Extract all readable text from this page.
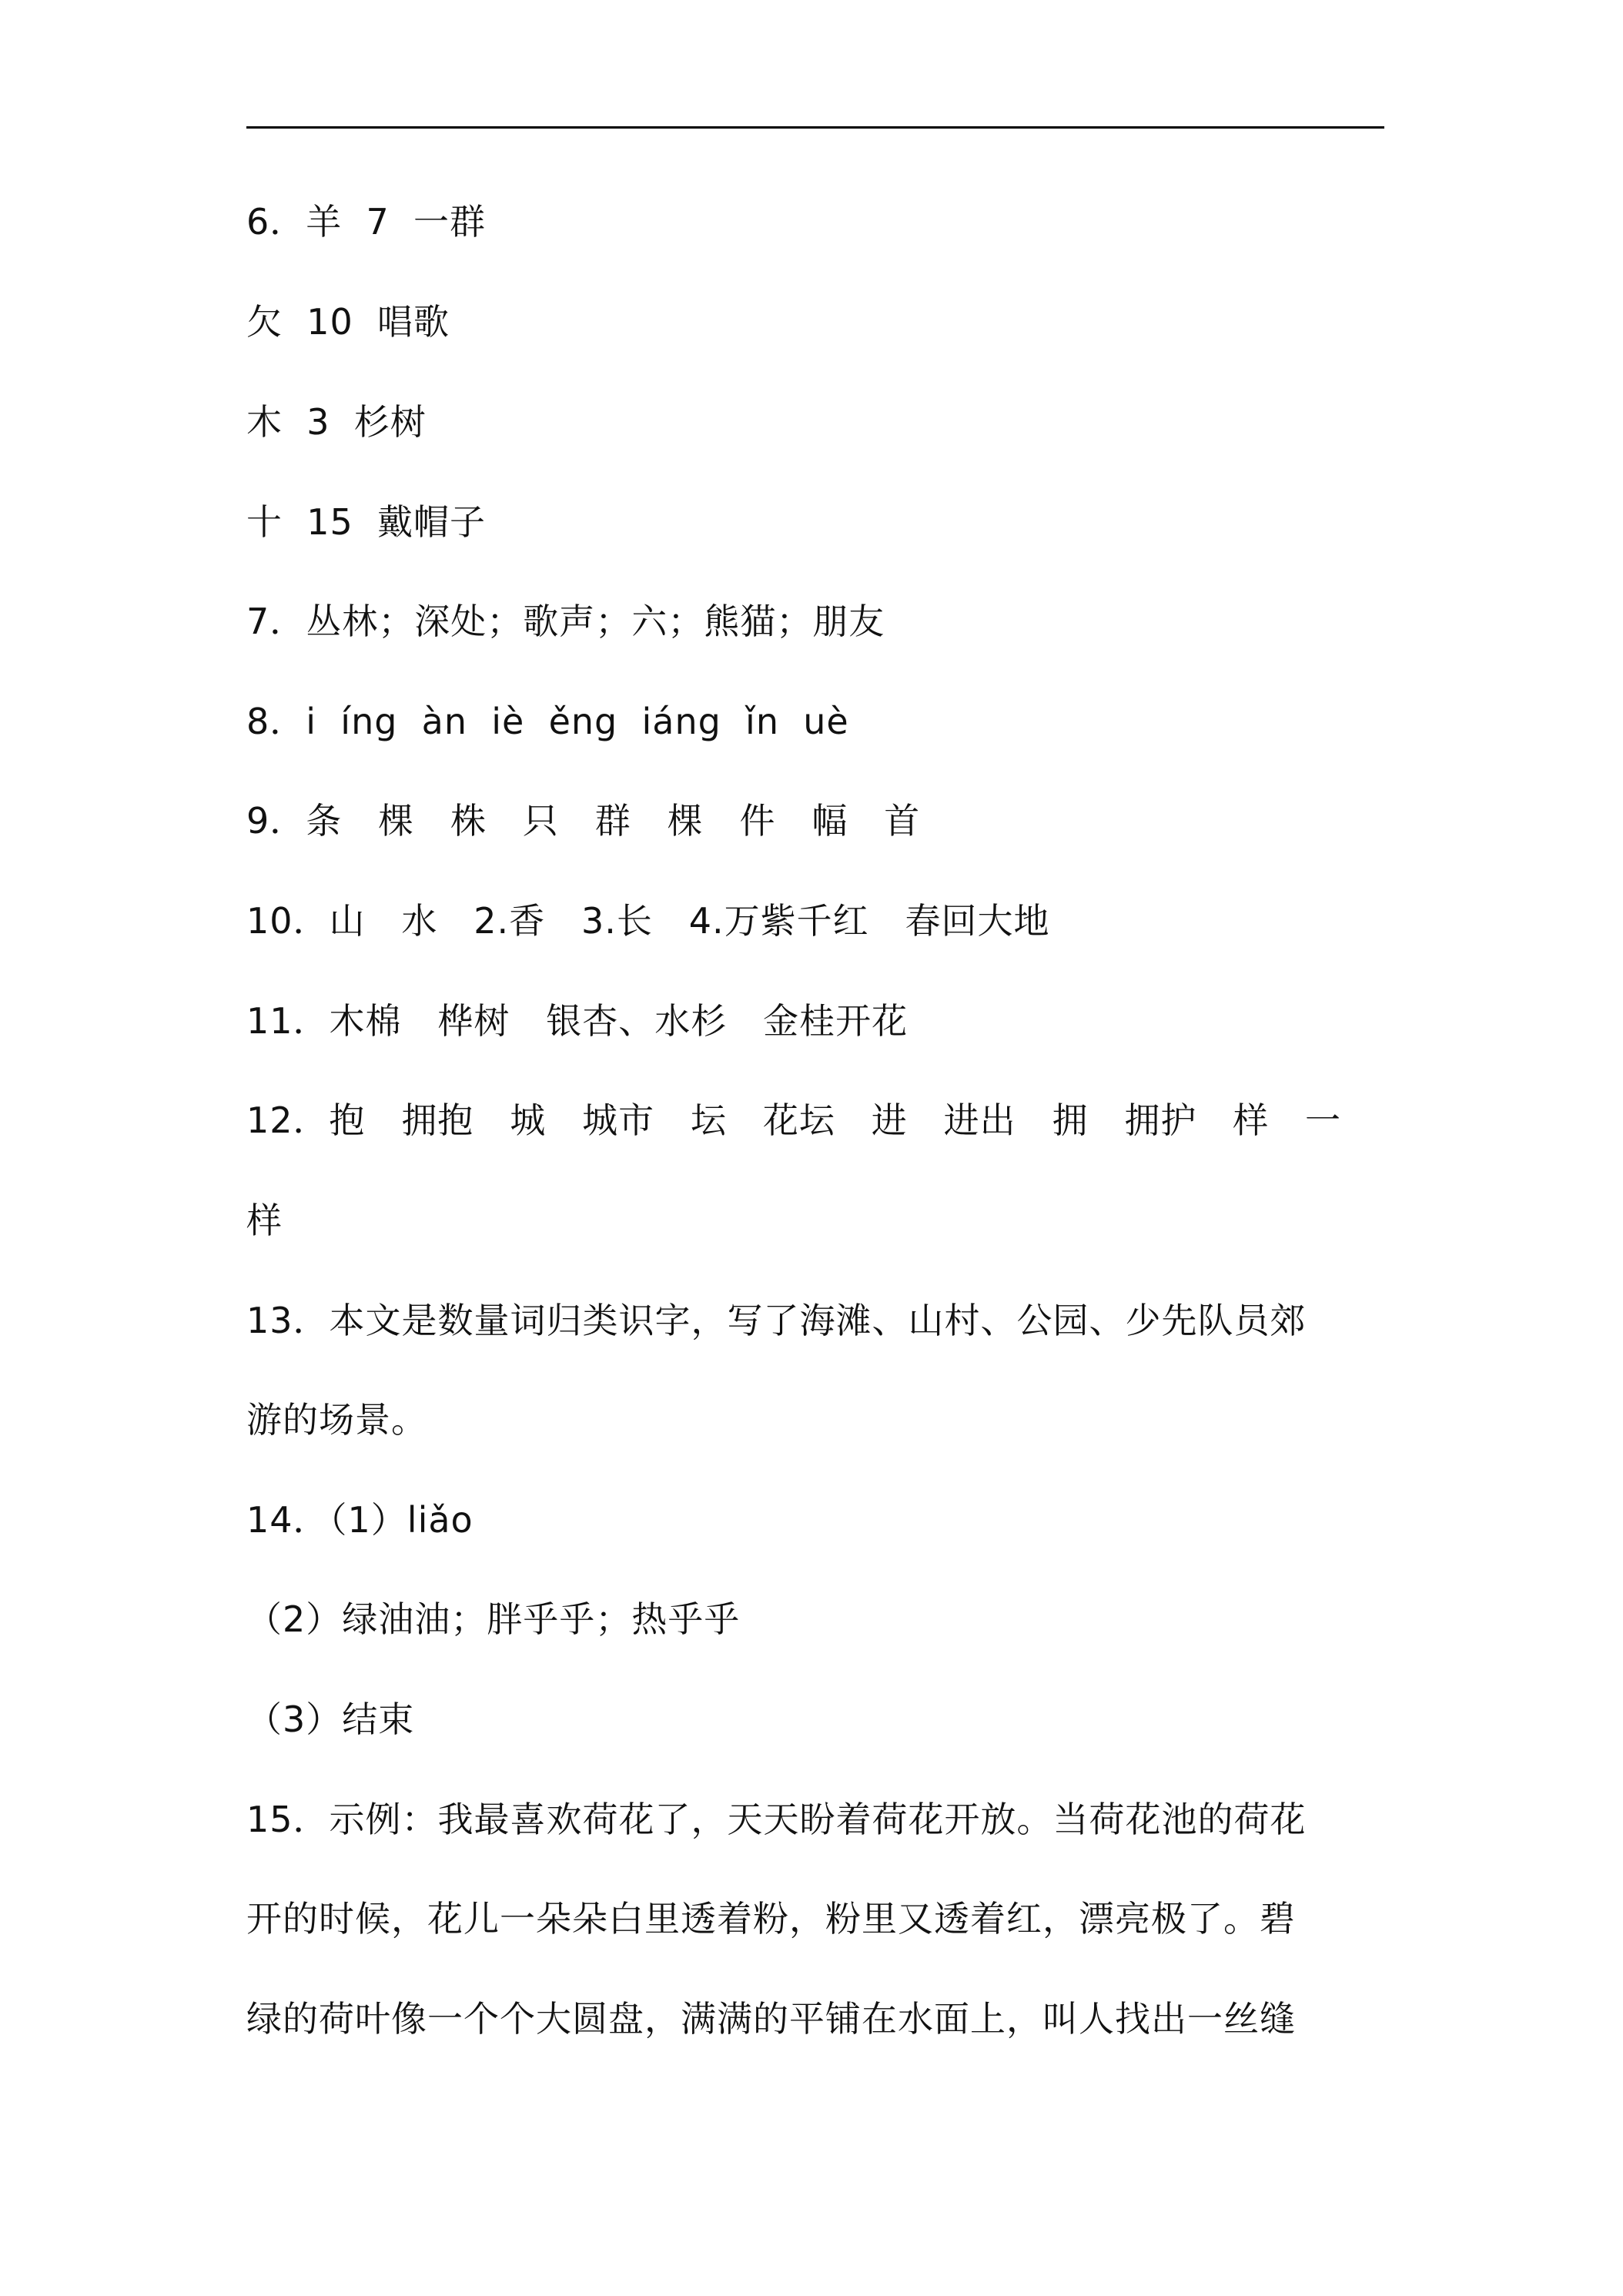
6．羊  7  一群
欠  10  唱歌
木  3  杉树
十  15  戴帽子
7．丛林；深处；歌声；六；熊猫；朋友
8．i  íng  àn  iè  ěng  iáng  ǐn  uè
9．条   棵   株   只   群   棵   件   幅   首
10．山   水   2.香   3.长   4.万紫千红   春回大地
11．木棉   桦树   银杏、水杉   金桂开花
12．抱   拥抱   城   城市   坛   花坛   进   进出   拥   拥护   样   一
样
13．本文是数量词归类识字，写了海滩、山村、公园、少先队员郊
游的场景。
14．（1）liǎo
（2）绿油油；胖乎乎；热乎乎
（3）结束
15．示例：我最喜欢荷花了，天天盼着荷花开放。当荷花池的荷花
开的时候，花儿一朵朵白里透着粉，粉里又透着红，漂亮极了。碧
绿的荷叶像一个个大圆盘，满满的平铺在水面上，叫人找出一丝缝
